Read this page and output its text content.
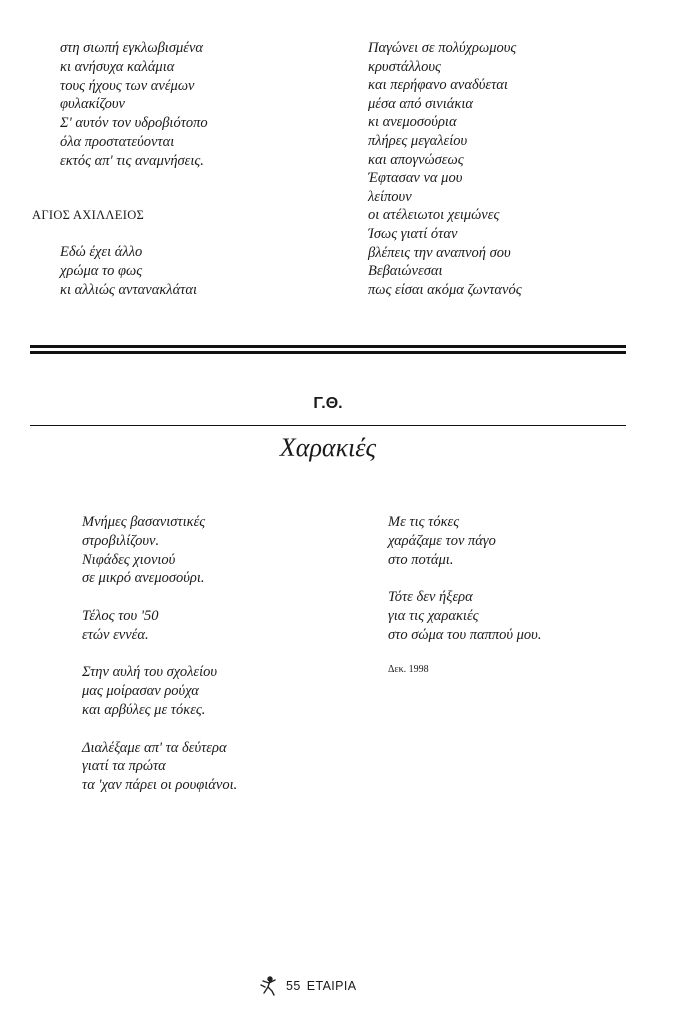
στη σιωπή εγκλωβισμένα
κι ανήσυχα καλάμια
τους ήχους των ανέμων
φυλακίζουν
Σ' αυτόν τον υδροβιότοπο
όλα προστατεύονται
εκτός απ' τις αναμνήσεις.
ΑΓΙΟΣ ΑΧΙΛΛΕΙΟΣ
Εδώ έχει άλλο
χρώμα το φως
κι αλλιώς αντανακλάται
Παγώνει σε πολύχρωμους
κρυστάλλους
και περήφανο αναδύεται
μέσα από σινιάκια
κι ανεμοσούρια
πλήρες μεγαλείου
και απογνώσεως
Έφτασαν να μου
λείπουν
οι ατέλειωτοι χειμώνες
Ίσως γιατί όταν
βλέπεις την αναπνοή σου
Βεβαιώνεσαι
πως είσαι ακόμα ζωντανός
Γ.Θ.
Χαρακιές
Μνήμες βασανιστικές
στροβιλίζουν.
Νιφάδες χιονιού
σε μικρό ανεμοσούρι.
Τέλος του '50
ετών εννέα.
Στην αυλή του σχολείου
μας μοίρασαν ρούχα
και αρβύλες με τόκες.
Διαλέξαμε απ' τα δεύτερα
γιατί τα πρώτα
τα 'χαν πάρει οι ρουφιάνοι.
Με τις τόκες
χαράζαμε τον πάγο
στο ποτάμι.
Τότε δεν ήξερα
για τις χαρακιές
στο σώμα του παππού μου.
Δεκ. 1998
55 ΕΤΑΙΡΙΑ
